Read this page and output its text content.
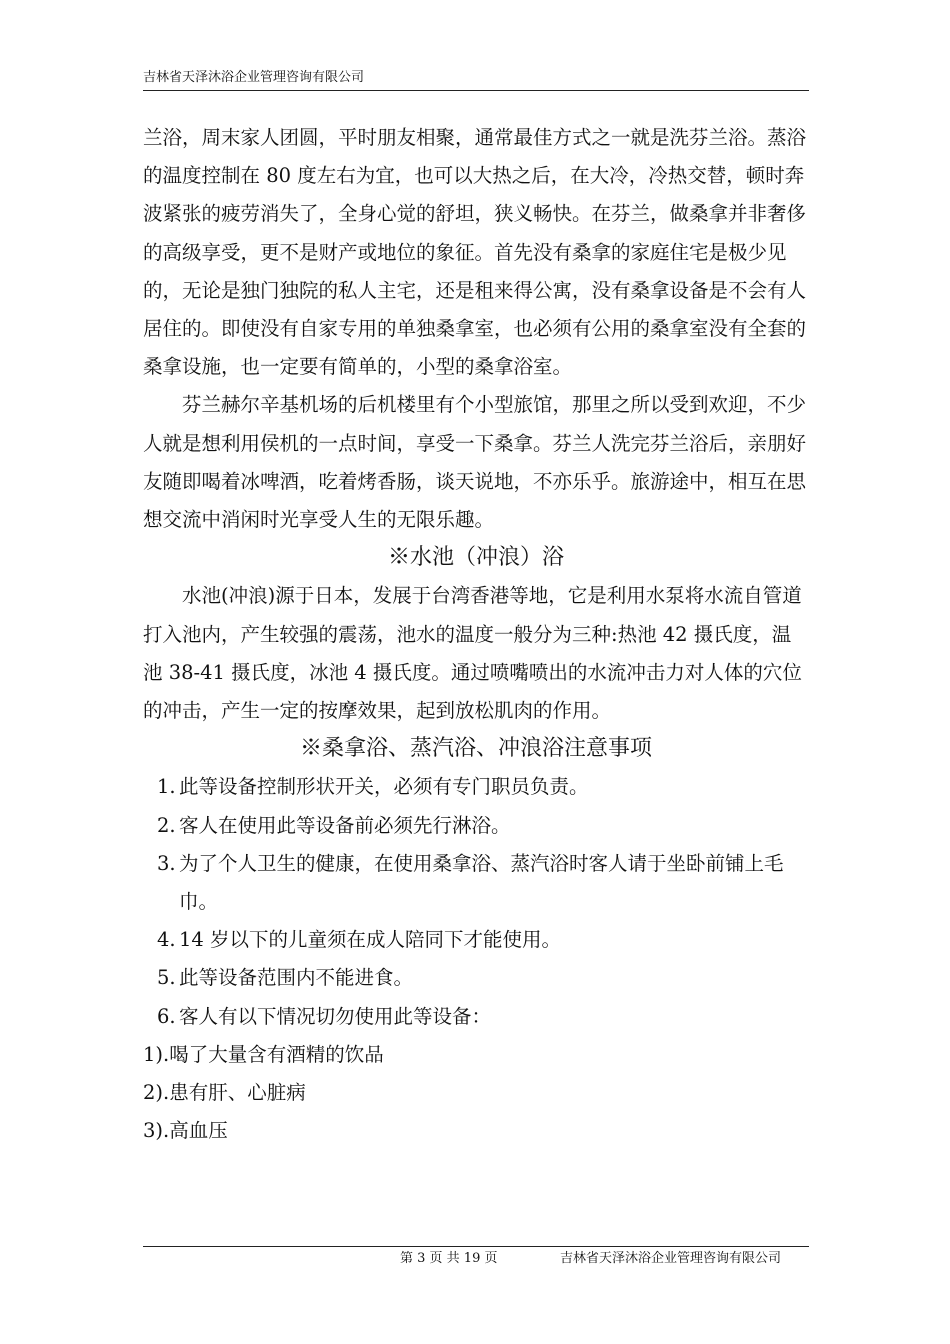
吉林省天泽沐浴企业管理咨询有限公司

兰浴，周末家人团圆，平时朋友相聚，通常最佳方式之一就是洗芬兰浴。蒸浴的温度控制在 80 度左右为宜，也可以大热之后，在大冷，冷热交替，顿时奔波紧张的疲劳消失了，全身心觉的舒坦，狭义畅快。在芬兰，做桑拿并非奢侈的高级享受，更不是财产或地位的象征。首先没有桑拿的家庭住宅是极少见的，无论是独门独院的私人主宅，还是租来得公寓，没有桑拿设备是不会有人居住的。即使没有自家专用的单独桑拿室，也必须有公用的桑拿室没有全套的桑拿设施，也一定要有简单的，小型的桑拿浴室。

芬兰赫尔辛基机场的后机楼里有个小型旅馆，那里之所以受到欢迎，不少人就是想利用侯机的一点时间，享受一下桑拿。芬兰人洗完芬兰浴后，亲朋好友随即喝着冰啤酒，吃着烤香肠，谈天说地，不亦乐乎。旅游途中，相互在思想交流中消闲时光享受人生的无限乐趣。

※水池（冲浪）浴

水池(冲浪)源于日本，发展于台湾香港等地，它是利用水泵将水流自管道打入池内，产生较强的震荡，池水的温度一般分为三种:热池 42 摄氏度，温池 38-41 摄氏度，冰池 4 摄氏度。通过喷嘴喷出的水流冲击力对人体的穴位的冲击，产生一定的按摩效果，起到放松肌肉的作用。

※桑拿浴、蒸汽浴、冲浪浴注意事项

1. 此等设备控制形状开关，必须有专门职员负责。
2. 客人在使用此等设备前必须先行淋浴。
3. 为了个人卫生的健康，在使用桑拿浴、蒸汽浴时客人请于坐卧前铺上毛巾。
4. 14 岁以下的儿童须在成人陪同下才能使用。
5. 此等设备范围内不能进食。
6. 客人有以下情况切勿使用此等设备：

1).喝了大量含有酒精的饮品

2).患有肝、心脏病

3).高血压

第 3 页 共 19 页	吉林省天泽沐浴企业管理咨询有限公司
